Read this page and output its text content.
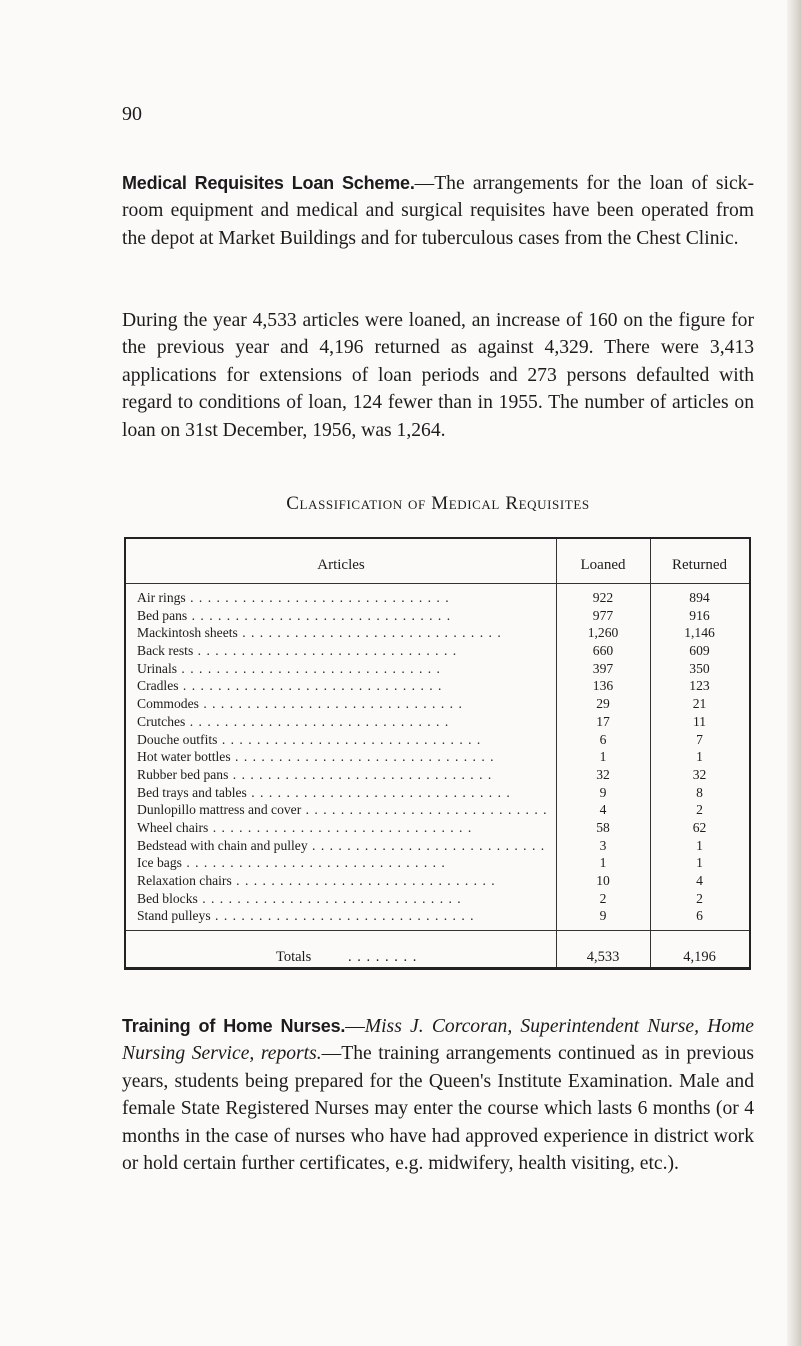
90

Medical Requisites Loan Scheme.—The arrangements for the loan of sick-room equipment and medical and surgical requisites have been operated from the depot at Market Buildings and for tuberculous cases from the Chest Clinic.

During the year 4,533 articles were loaned, an increase of 160 on the figure for the previous year and 4,196 returned as against 4,329. There were 3,413 applications for extensions of loan periods and 273 persons defaulted with regard to conditions of loan, 124 fewer than in 1955. The number of articles on loan on 31st December, 1956, was 1,264.

Classification of Medical Requisites
Articles	Loaned	Returned
Air rings . .	922	894
Bed pans . .	977	916
Mackintosh sheets . .	1,260	1,146
Back rests . .	660	609
Urinals . .	397	350
Cradles . .	136	123
Commodes . .	29	21
Crutches . .	17	11
Douche outfits . .	6	7
Hot water bottles . .	1	1
Rubber bed pans . .	32	32
Bed trays and tables . .	9	8
Dunlopillo mattress and cover . .	4	2
Wheel chairs . .	58	62
Bedstead with chain and pulley . .	3	1
Ice bags . .	1	1
Relaxation chairs . .	10	4
Bed blocks . .	2	2
Stand pulleys . .	9	6
Totals	. . . . . . . .	4,533	4,196

Training of Home Nurses.—Miss J. Corcoran, Superintendent Nurse, Home Nursing Service, reports.—The training arrangements continued as in previous years, students being prepared for the Queen's Institute Examination. Male and female State Registered Nurses may enter the course which lasts 6 months (or 4 months in the case of nurses who have had approved experience in district work or hold certain further certificates, e.g. midwifery, health visiting, etc.).
